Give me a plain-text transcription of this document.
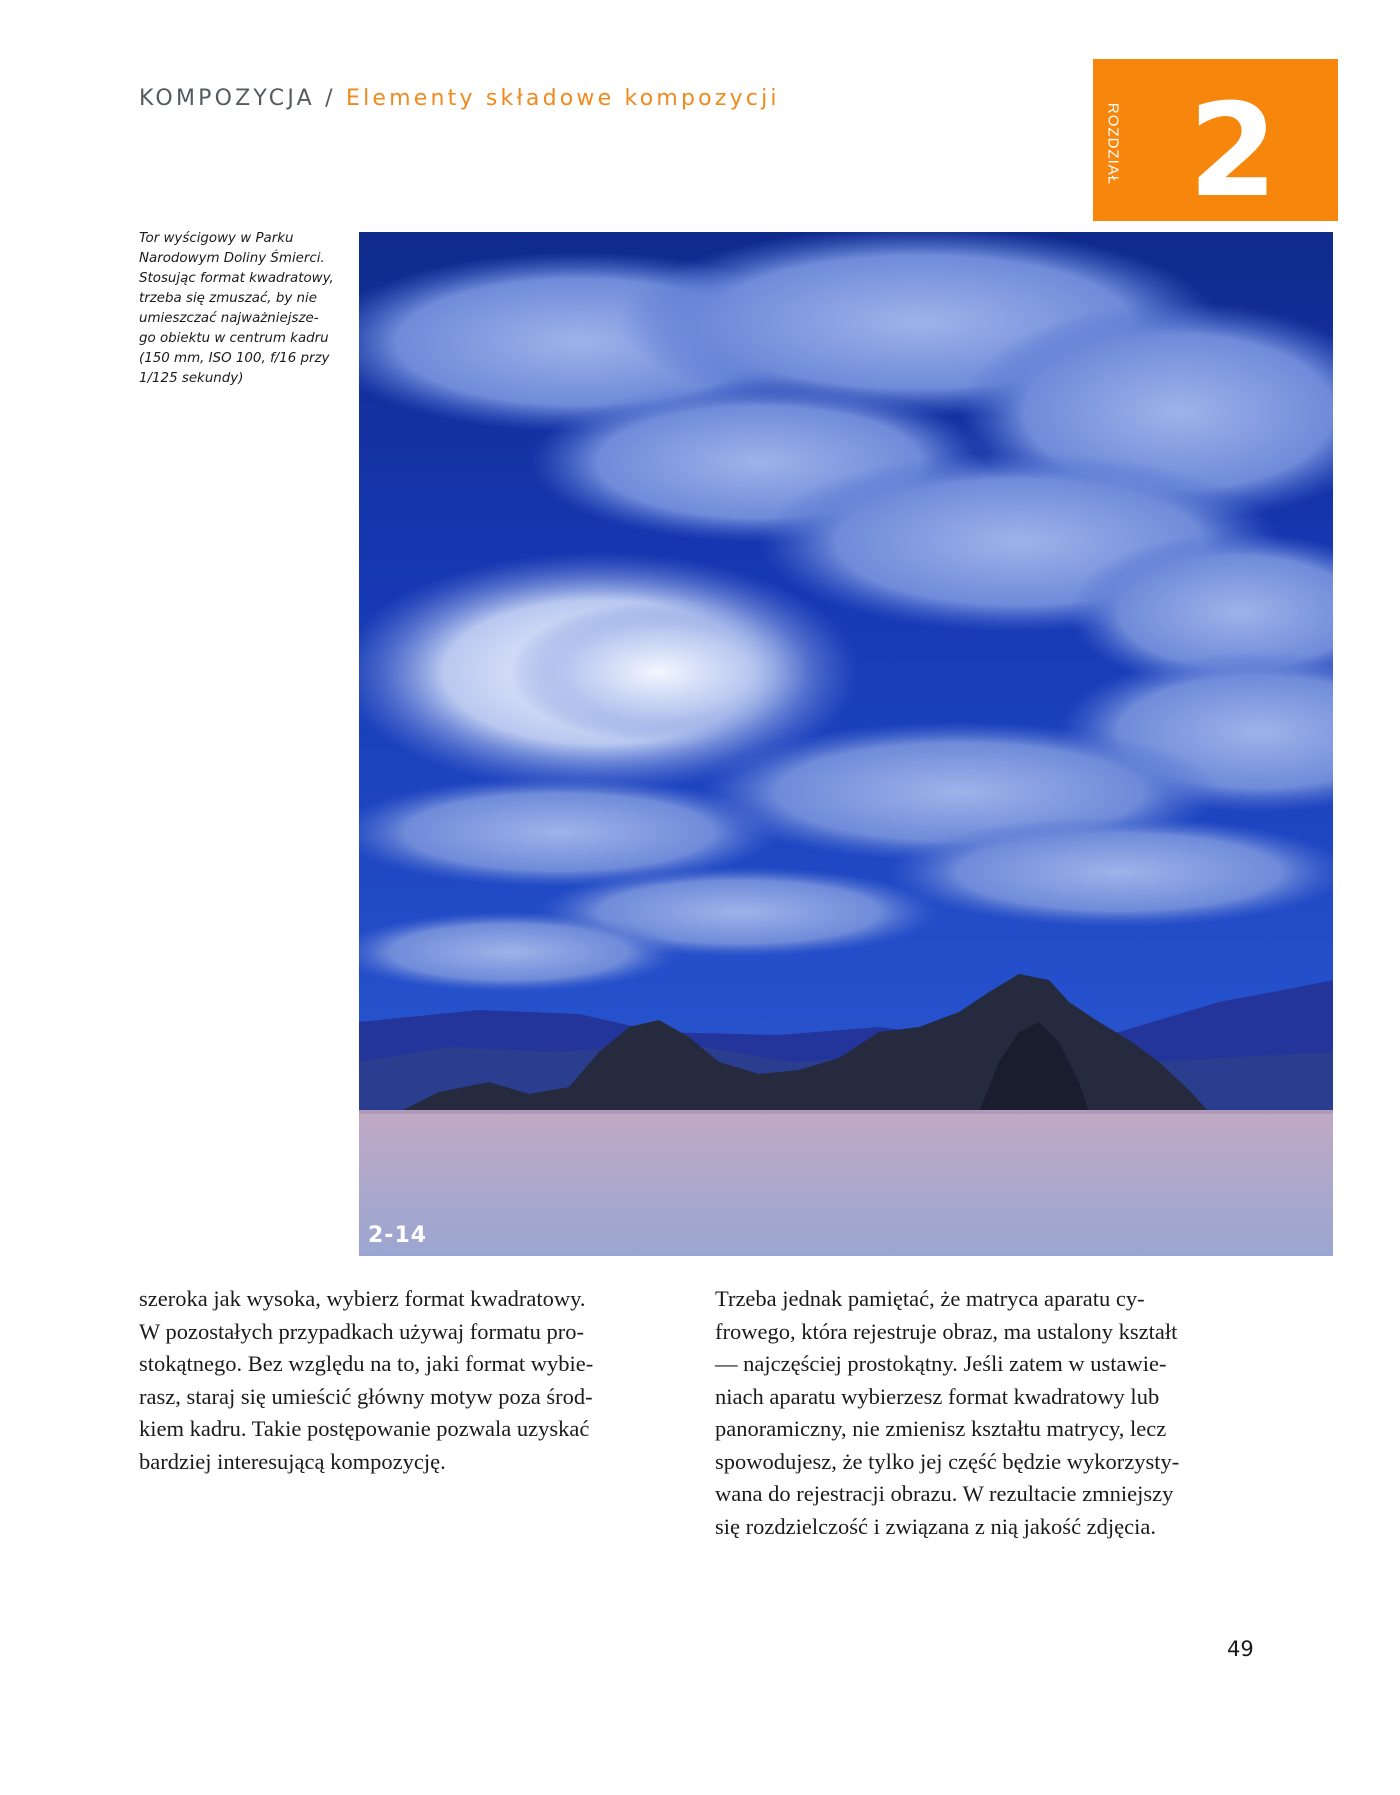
KOMPOZYCJA / Elementy składowe kompozycji
ROZDZIAŁ 2
Tor wyścigowy w Parku
Narodowym Doliny Śmierci.
Stosując format kwadratowy,
trzeba się zmuszać, by nie
umieszczać najważniejsze-
go obiektu w centrum kadru
(150 mm, ISO 100, f/16 przy
1/125 sekundy)
2-14
szeroka jak wysoka, wybierz format kwadratowy.
W pozostałych przypadkach używaj formatu pro-
stokątnego. Bez względu na to, jaki format wybie-
rasz, staraj się umieścić główny motyw poza środ-
kiem kadru. Takie postępowanie pozwala uzyskać
bardziej interesującą kompozycję.
Trzeba jednak pamiętać, że matryca aparatu cy-
frowego, która rejestruje obraz, ma ustalony kształt
— najczęściej prostokątny. Jeśli zatem w ustawie-
niach aparatu wybierzesz format kwadratowy lub
panoramiczny, nie zmienisz kształtu matrycy, lecz
spowodujesz, że tylko jej część będzie wykorzysty-
wana do rejestracji obrazu. W rezultacie zmniejszy
się rozdzielczość i związana z nią jakość zdjęcia.
49
